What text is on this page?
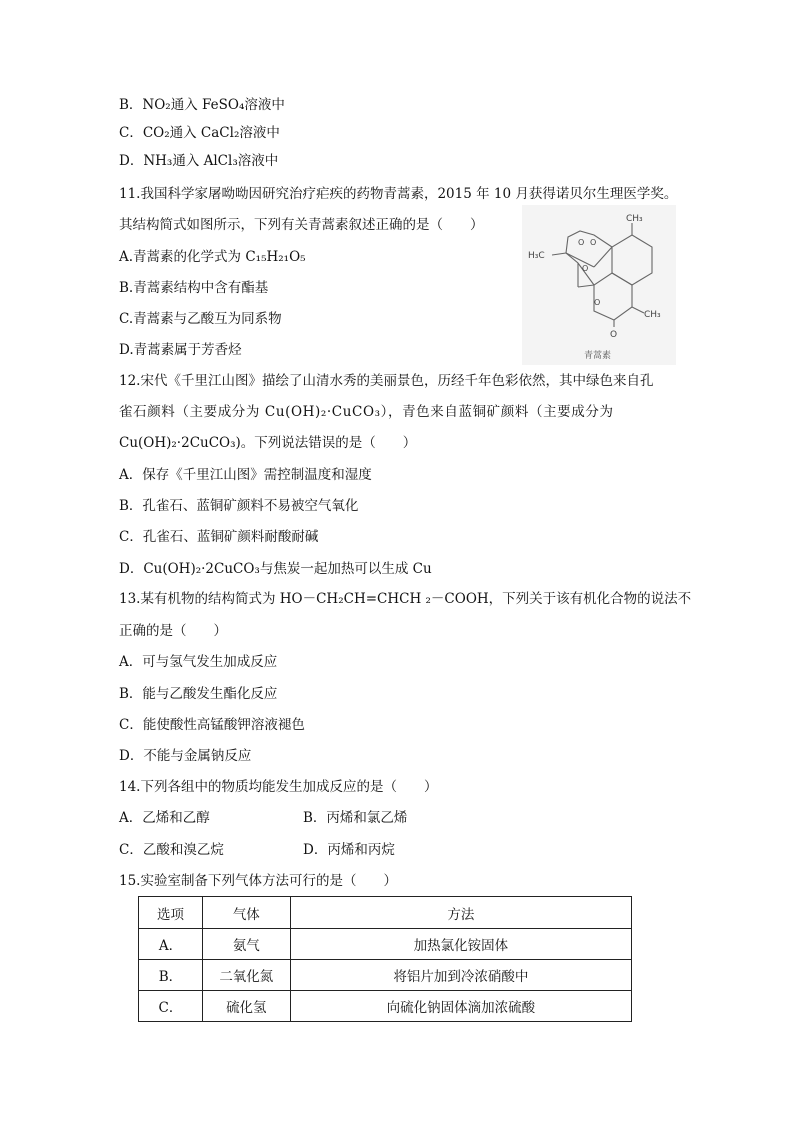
B．NO₂通入 FeSO₄溶液中
C．CO₂通入 CaCl₂溶液中
D．NH₃通入 AlCl₃溶液中
11.我国科学家屠呦呦因研究治疗疟疾的药物青蒿素，2015 年 10 月获得诺贝尔生理医学奖。
其结构简式如图所示，下列有关青蒿素叙述正确的是（　　）
A.青蒿素的化学式为 C₁₅H₂₁O₅
B.青蒿素结构中含有酯基
C.青蒿素与乙酸互为同系物
D.青蒿素属于芳香烃
CH₃
H₃C
CH₃
O
O O
O
O
青蒿素
12.宋代《千里江山图》描绘了山清水秀的美丽景色，历经千年色彩依然，其中绿色来自孔
雀石颜料（主要成分为 Cu(OH)₂·CuCO₃），青色来自蓝铜矿颜料（主要成分为
Cu(OH)₂·2CuCO₃)。下列说法错误的是（　　）
A．保存《千里江山图》需控制温度和湿度
B．孔雀石、蓝铜矿颜料不易被空气氧化
C．孔雀石、蓝铜矿颜料耐酸耐碱
D．Cu(OH)₂·2CuCO₃与焦炭一起加热可以生成 Cu
13.某有机物的结构简式为 HO－CH₂CH=CHCH ₂－COOH，下列关于该有机化合物的说法不
正确的是（　　）
A．可与氢气发生加成反应
B．能与乙酸发生酯化反应
C．能使酸性高锰酸钾溶液褪色
D．不能与金属钠反应
14.下列各组中的物质均能发生加成反应的是（　　）
A．乙烯和乙醇	B．丙烯和氯乙烯
C．乙酸和溴乙烷	D．丙烯和丙烷
15.实验室制备下列气体方法可行的是（　　）
选项	气体	方法
A．	氨气	加热氯化铵固体
B．	二氧化氮	将铝片加到冷浓硝酸中
C．	硫化氢	向硫化钠固体滴加浓硫酸
